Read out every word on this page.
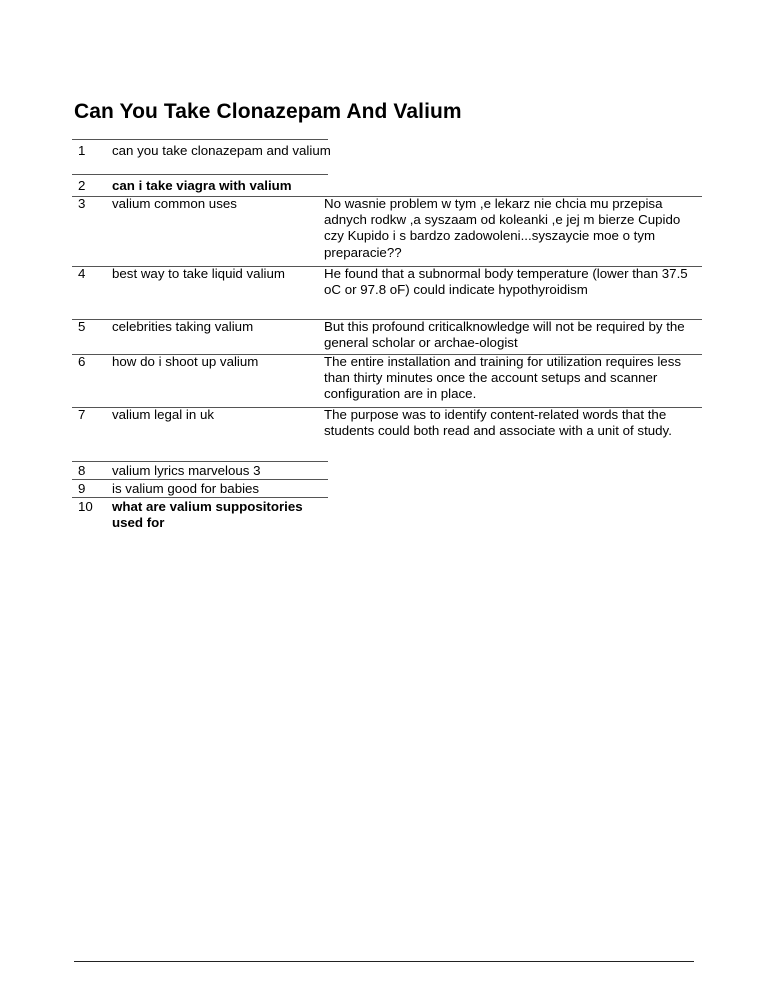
Can You Take Clonazepam And Valium
1	can you take clonazepam and valium
2	can i take viagra with valium
3	valium common uses	No wasnie problem w tym ,e lekarz nie chcia mu przepisa adnych rodkw ,a syszaam od koleanki ,e jej m bierze Cupido czy Kupido i s bardzo zadowoleni...syszaycie moe o tym preparacie??
4	best way to take liquid valium	He found that a subnormal body temperature (lower than 37.5 oC or 97.8 oF) could indicate hypothyroidism
5	celebrities taking valium	But this profound criticalknowledge will not be required by the general scholar or archae-ologist
6	how do i shoot up valium	The entire installation and training for utilization requires less than thirty minutes once the account setups and scanner configuration are in place.
7	valium legal in uk	The purpose was to identify content-related words that the students could both read and associate with a unit of study.
8	valium lyrics marvelous 3
9	is valium good for babies
10	what are valium suppositories used for
